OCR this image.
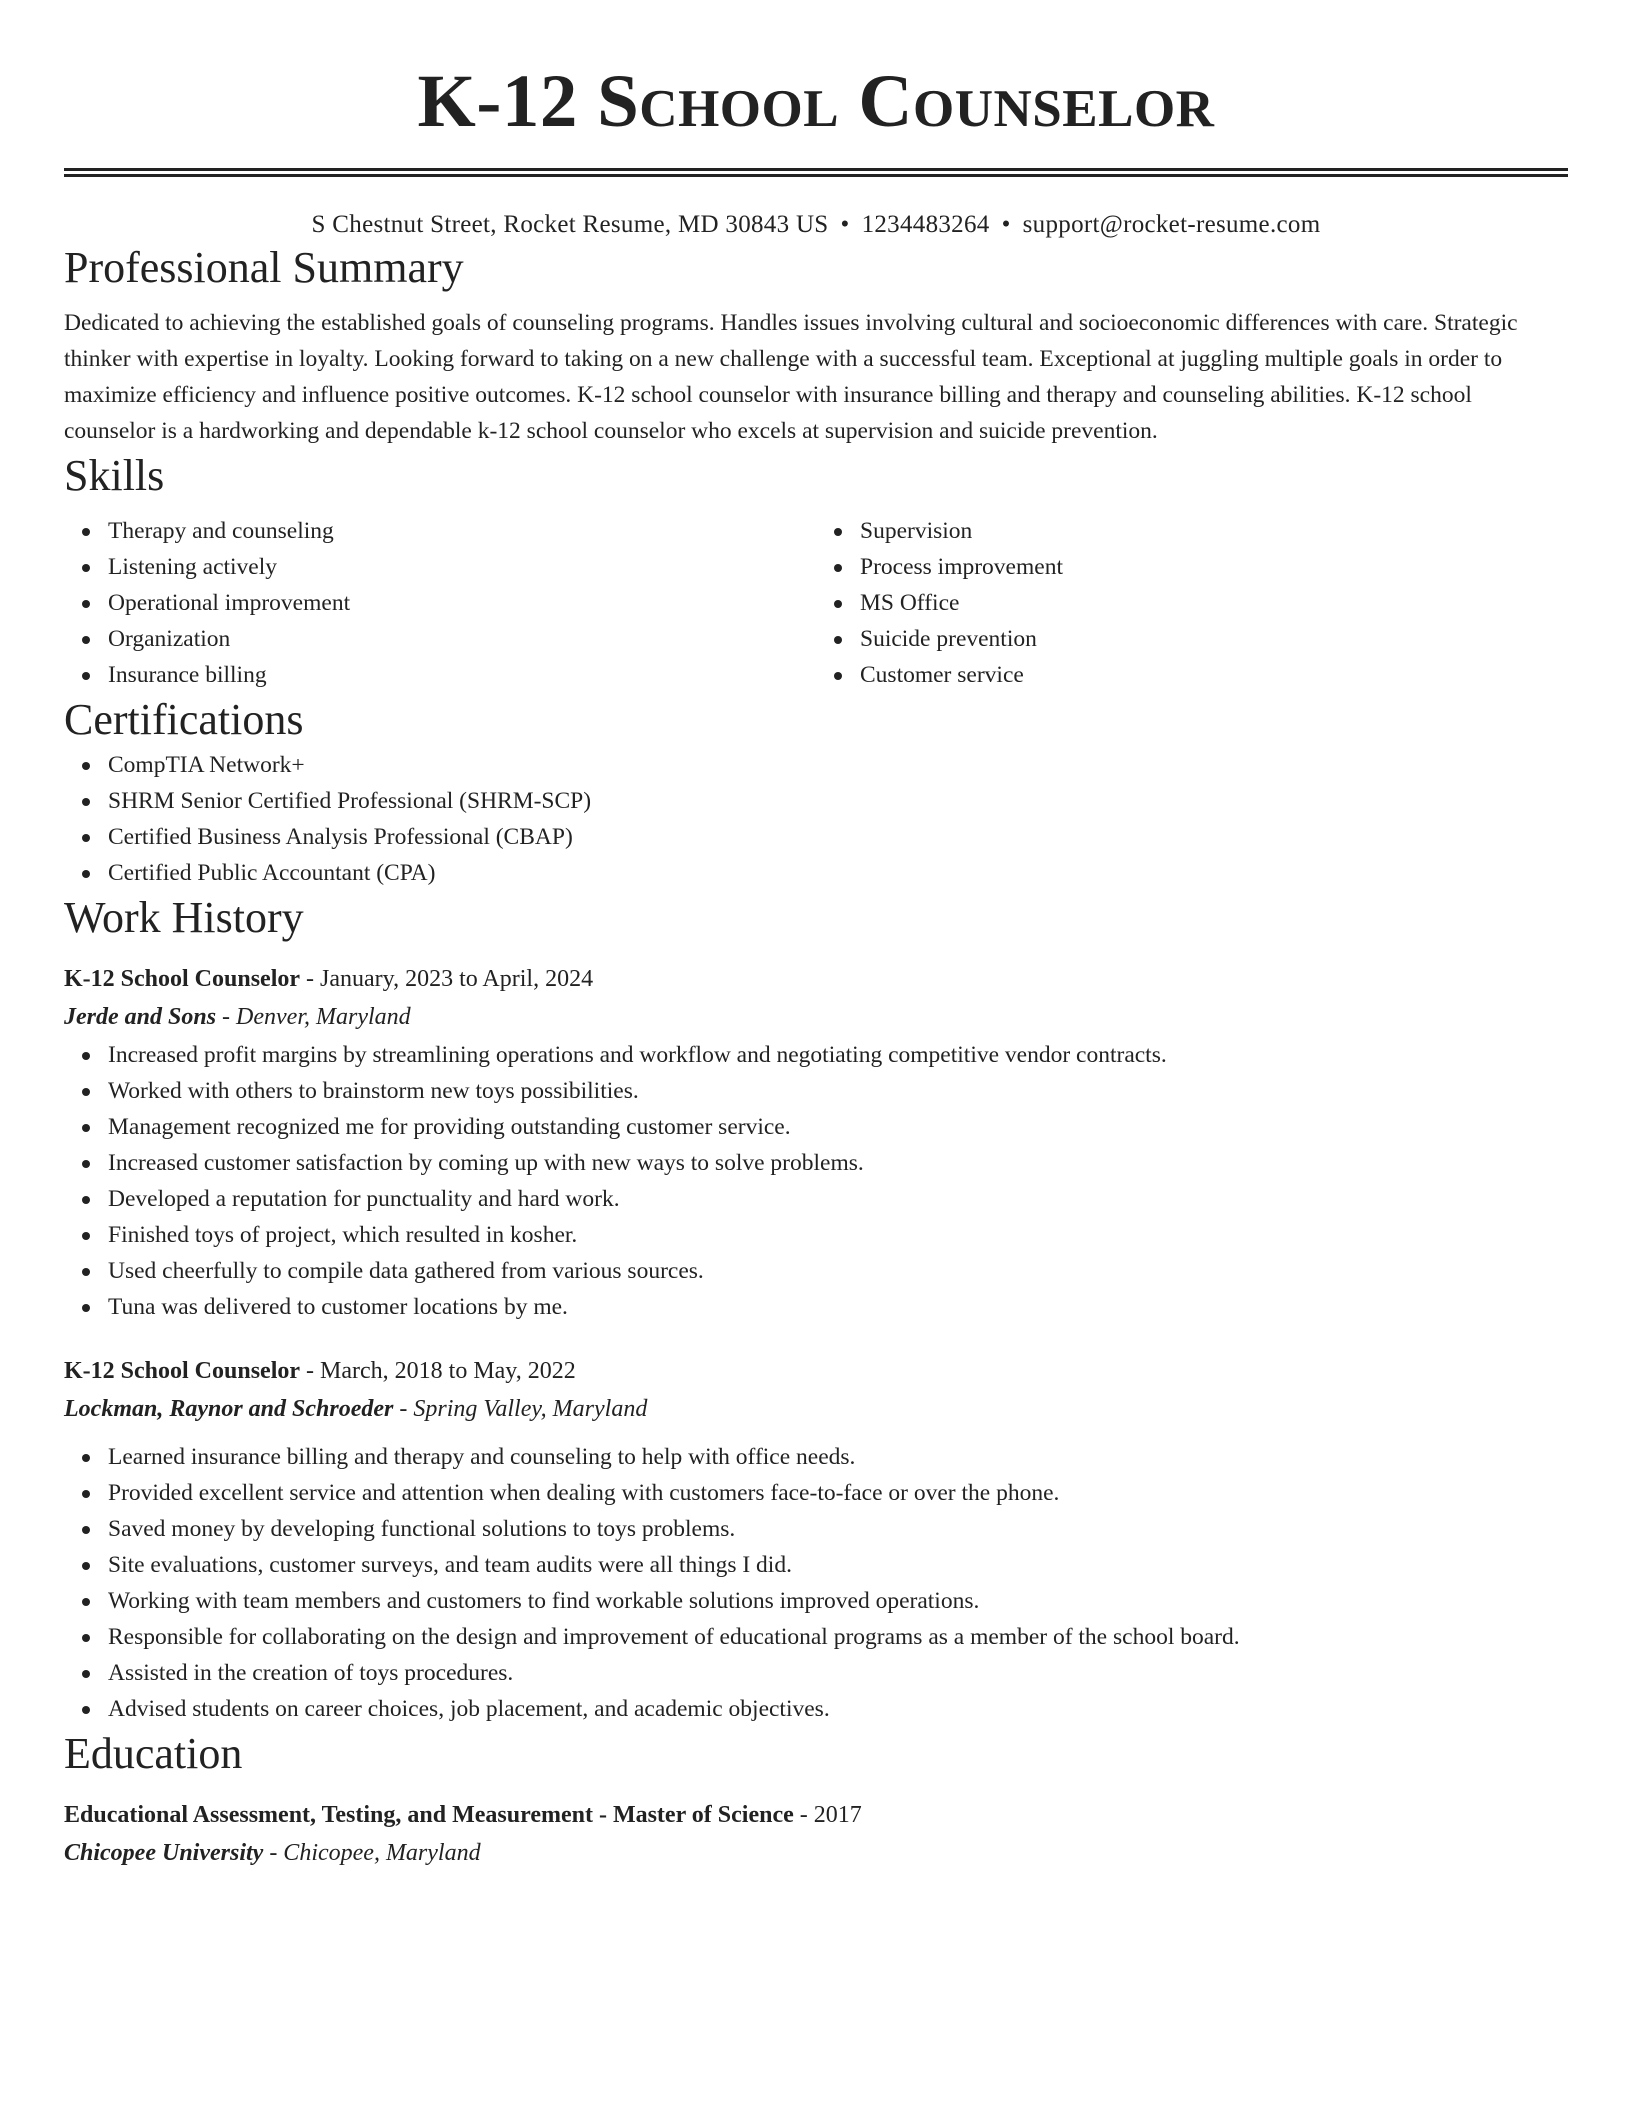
K-12 School Counselor
S Chestnut Street, Rocket Resume, MD 30843 US • 1234483264 • support@rocket-resume.com
Professional Summary

Dedicated to achieving the established goals of counseling programs. Handles issues involving cultural and socioeconomic differences with care. Strategic thinker with expertise in loyalty. Looking forward to taking on a new challenge with a successful team. Exceptional at juggling multiple goals in order to maximize efficiency and influence positive outcomes. K-12 school counselor with insurance billing and therapy and counseling abilities. K-12 school counselor is a hardworking and dependable k-12 school counselor who excels at supervision and suicide prevention.

Skills
Therapy and counseling
Listening actively
Operational improvement
Organization
Insurance billing
Supervision
Process improvement
MS Office
Suicide prevention
Customer service
Certifications
CompTIA Network+
SHRM Senior Certified Professional (SHRM-SCP)
Certified Business Analysis Professional (CBAP)
Certified Public Accountant (CPA)
Work History
K-12 School Counselor - January, 2023 to April, 2024
Jerde and Sons - Denver, Maryland
Increased profit margins by streamlining operations and workflow and negotiating competitive vendor contracts.
Worked with others to brainstorm new toys possibilities.
Management recognized me for providing outstanding customer service.
Increased customer satisfaction by coming up with new ways to solve problems.
Developed a reputation for punctuality and hard work.
Finished toys of project, which resulted in kosher.
Used cheerfully to compile data gathered from various sources.
Tuna was delivered to customer locations by me.
K-12 School Counselor - March, 2018 to May, 2022
Lockman, Raynor and Schroeder - Spring Valley, Maryland
Learned insurance billing and therapy and counseling to help with office needs.
Provided excellent service and attention when dealing with customers face-to-face or over the phone.
Saved money by developing functional solutions to toys problems.
Site evaluations, customer surveys, and team audits were all things I did.
Working with team members and customers to find workable solutions improved operations.
Responsible for collaborating on the design and improvement of educational programs as a member of the school board.
Assisted in the creation of toys procedures.
Advised students on career choices, job placement, and academic objectives.
Education
Educational Assessment, Testing, and Measurement - Master of Science - 2017
Chicopee University - Chicopee, Maryland
